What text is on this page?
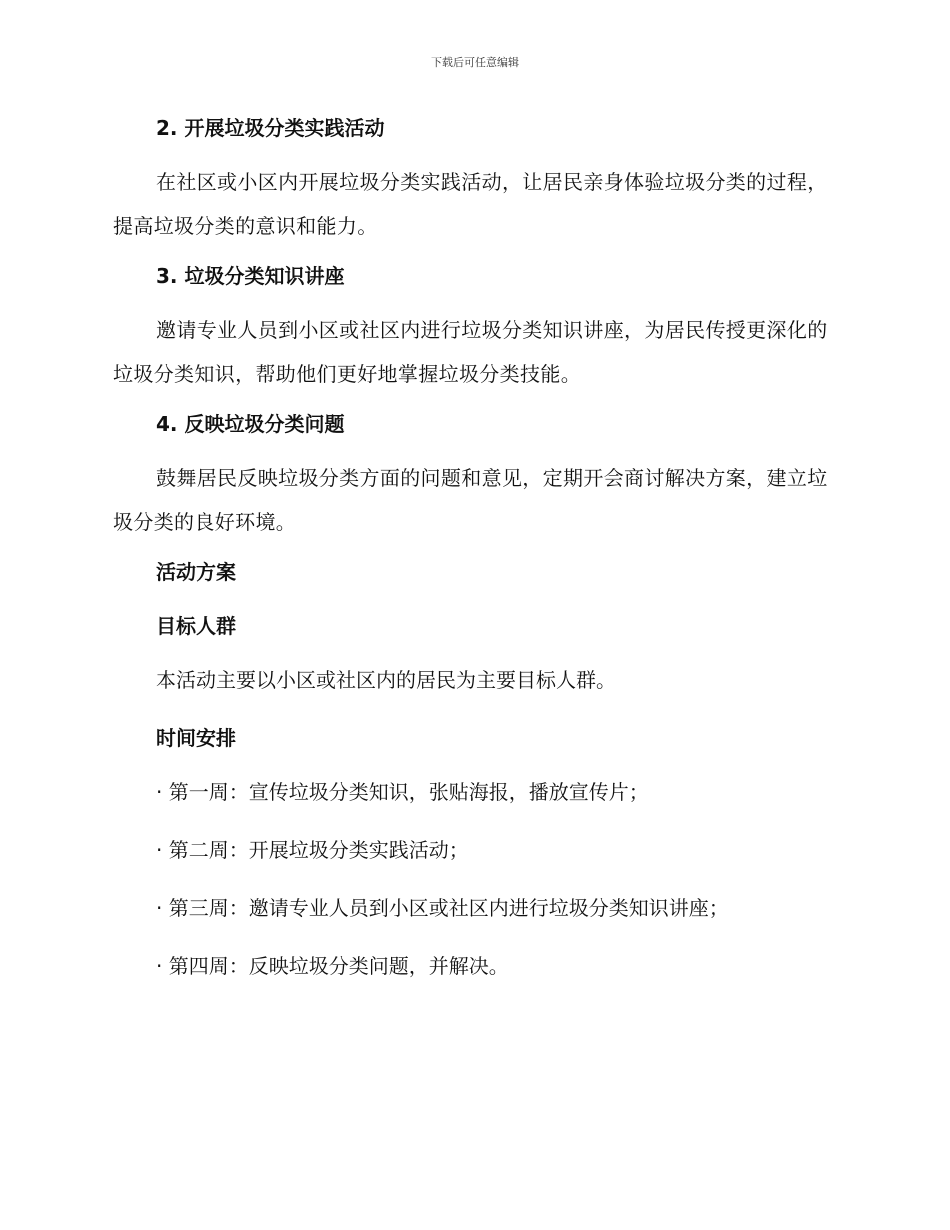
下载后可任意编辑
2. 开展垃圾分类实践活动
在社区或小区内开展垃圾分类实践活动，让居民亲身体验垃圾分类的过程，提高垃圾分类的意识和能力。
3. 垃圾分类知识讲座
邀请专业人员到小区或社区内进行垃圾分类知识讲座，为居民传授更深化的垃圾分类知识，帮助他们更好地掌握垃圾分类技能。
4. 反映垃圾分类问题
鼓舞居民反映垃圾分类方面的问题和意见，定期开会商讨解决方案，建立垃圾分类的良好环境。
活动方案
目标人群
本活动主要以小区或社区内的居民为主要目标人群。
时间安排
· 第一周：宣传垃圾分类知识，张贴海报，播放宣传片；
· 第二周：开展垃圾分类实践活动；
· 第三周：邀请专业人员到小区或社区内进行垃圾分类知识讲座；
· 第四周：反映垃圾分类问题，并解决。
